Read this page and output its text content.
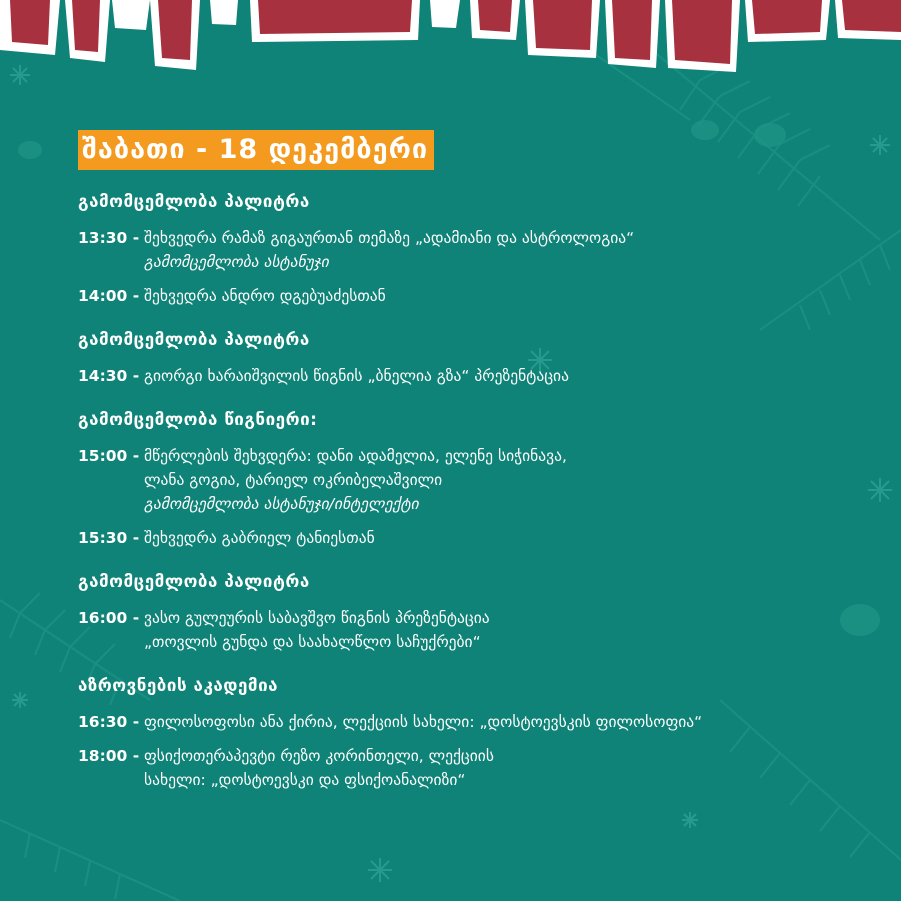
შაბათი - 18 დეკემბერი
გამომცემლობა პალიტრა
13:30 - შეხვედრა რამაზ გიგაურთან თემაზე „ადამიანი და ასტროლოგია“
გამომცემლობა ასტანუჯი
14:00 - შეხვედრა ანდრო დგებუაძესთან
გამომცემლობა პალიტრა
14:30 - გიორგი ხარაიშვილის წიგნის „ბნელია გზა“ პრეზენტაცია
გამომცემლობა წიგნიერი:
15:00 - მწერლების შეხვდერა: დანი ადამელია, ელენე სიჭინავა,
ლანა გოგია, ტარიელ ოკრიბელაშვილი
გამომცემლობა ასტანუჯი/ინტელექტი
15:30 - შეხვედრა გაბრიელ ტანიესთან
გამომცემლობა პალიტრა
16:00 - ვასო გულეურის საბავშვო წიგნის პრეზენტაცია
„თოვლის გუნდა და საახალწლო საჩუქრები“
აზროვნების აკადემია
16:30 - ფილოსოფოსი ანა ქირია, ლექციის სახელი: „დოსტოევსკის ფილოსოფია“
18:00 - ფსიქოთერაპევტი რეზო კორინთელი, ლექციის
სახელი: „დოსტოევსკი და ფსიქოანალიზი“
